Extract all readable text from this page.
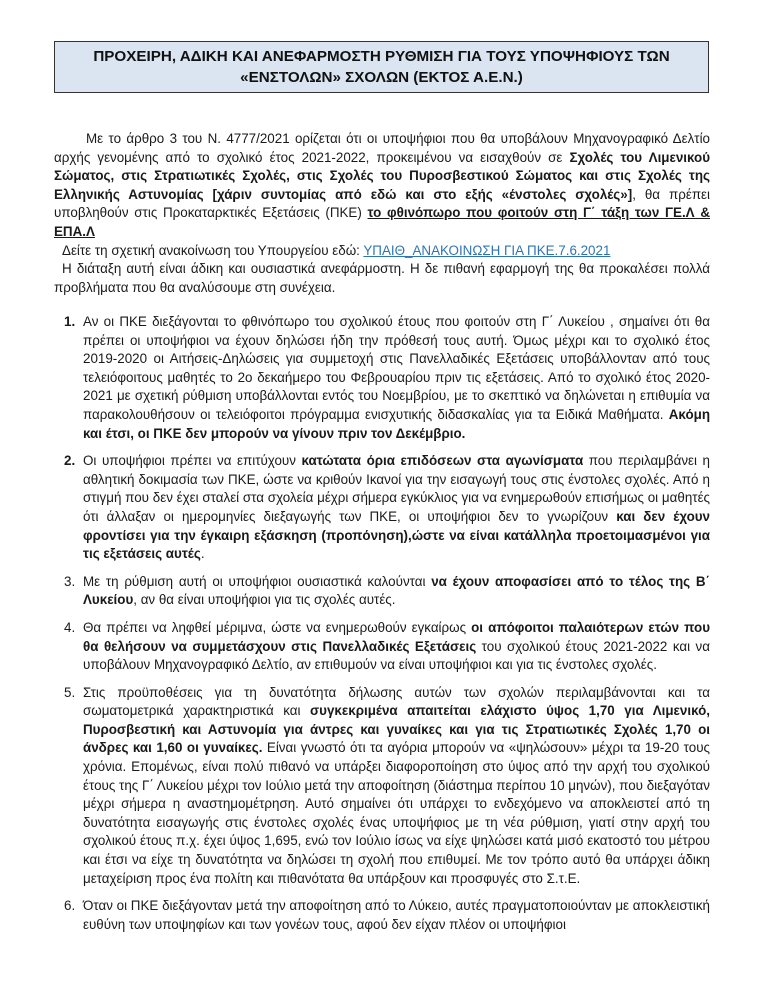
ΠΡΟΧΕΙΡΗ, ΑΔΙΚΗ ΚΑΙ ΑΝΕΦΑΡΜΟΣΤΗ ΡΥΘΜΙΣΗ ΓΙΑ ΤΟΥΣ ΥΠΟΨΗΦΙΟΥΣ ΤΩΝ
«ΕΝΣΤΟΛΩΝ» ΣΧΟΛΩΝ (ΕΚΤΟΣ Α.Ε.Ν.)

Με το άρθρο 3 του Ν. 4777/2021 ορίζεται ότι οι υποψήφιοι που θα υποβάλουν Μηχανογραφικό Δελτίο αρχής γενομένης από το σχολικό έτος 2021-2022, προκειμένου να εισαχθούν σε Σχολές του Λιμενικού Σώματος, στις Στρατιωτικές Σχολές, στις Σχολές του Πυροσβεστικού Σώματος και στις Σχολές της Ελληνικής Αστυνομίας [χάριν συντομίας από εδώ και στο εξής «ένστολες σχολές»], θα πρέπει υποβληθούν στις Προκαταρκτικές Εξετάσεις (ΠΚΕ) το φθινόπωρο που φοιτούν στη Γ΄ τάξη των ΓΕ.Λ & ΕΠΑ.Λ

Δείτε τη σχετική ανακοίνωση του Υπουργείου εδώ: ΥΠΑΙΘ_ΑΝΑΚΟΙΝΩΣΗ ΓΙΑ ΠΚΕ.7.6.2021

Η διάταξη αυτή είναι άδικη και ουσιαστικά ανεφάρμοστη. Η δε πιθανή εφαρμογή της θα προκαλέσει πολλά προβλήματα που θα αναλύσουμε στη συνέχεια.

1. Αν οι ΠΚΕ διεξάγονται το φθινόπωρο του σχολικού έτους που φοιτούν στη Γ΄ Λυκείου , σημαίνει ότι θα πρέπει οι υποψήφιοι να έχουν δηλώσει ήδη την πρόθεσή τους αυτή. Όμως μέχρι και το σχολικό έτος 2019-2020 οι Αιτήσεις-Δηλώσεις για συμμετοχή στις Πανελλαδικές Εξετάσεις υποβάλλονταν από τους τελειόφοιτους μαθητές το 2ο δεκαήμερο του Φεβρουαρίου πριν τις εξετάσεις. Από το σχολικό έτος 2020-2021 με σχετική ρύθμιση υποβάλλονται εντός του Νοεμβρίου, με το σκεπτικό να δηλώνεται η επιθυμία να παρακολουθήσουν οι τελειόφοιτοι πρόγραμμα ενισχυτικής διδασκαλίας για τα Ειδικά Μαθήματα. Ακόμη και έτσι, οι ΠΚΕ δεν μπορούν να γίνουν πριν τον Δεκέμβριο.
2. Οι υποψήφιοι πρέπει να επιτύχουν κατώτατα όρια επιδόσεων στα αγωνίσματα που περιλαμβάνει η αθλητική δοκιμασία των ΠΚΕ, ώστε να κριθούν Ικανοί για την εισαγωγή τους στις ένστολες σχολές. Από η στιγμή που δεν έχει σταλεί στα σχολεία μέχρι σήμερα εγκύκλιος για να ενημερωθούν επισήμως οι μαθητές ότι άλλαξαν οι ημερομηνίες διεξαγωγής των ΠΚΕ, οι υποψήφιοι δεν το γνωρίζουν και δεν έχουν φροντίσει για την έγκαιρη εξάσκηση (προπόνηση),ώστε να είναι κατάλληλα προετοιμασμένοι για τις εξετάσεις αυτές.
3. Με τη ρύθμιση αυτή οι υποψήφιοι ουσιαστικά καλούνται να έχουν αποφασίσει από το τέλος της Β΄ Λυκείου, αν θα είναι υποψήφιοι για τις σχολές αυτές.
4. Θα πρέπει να ληφθεί μέριμνα, ώστε να ενημερωθούν εγκαίρως οι απόφοιτοι παλαιότερων ετών που θα θελήσουν να συμμετάσχουν στις Πανελλαδικές Εξετάσεις του σχολικού έτους 2021-2022 και να υποβάλουν Μηχανογραφικό Δελτίο, αν επιθυμούν να είναι υποψήφιοι και για τις ένστολες σχολές.
5. Στις προϋποθέσεις για τη δυνατότητα δήλωσης αυτών των σχολών περιλαμβάνονται και τα σωματομετρικά χαρακτηριστικά και συγκεκριμένα απαιτείται ελάχιστο ύψος 1,70 για Λιμενικό, Πυροσβεστική και Αστυνομία για άντρες και γυναίκες και για τις Στρατιωτικές Σχολές 1,70 οι άνδρες και 1,60 οι γυναίκες. Είναι γνωστό ότι τα αγόρια μπορούν να «ψηλώσουν» μέχρι τα 19-20 τους χρόνια. Επομένως, είναι πολύ πιθανό να υπάρξει διαφοροποίηση στο ύψος από την αρχή του σχολικού έτους της Γ΄ Λυκείου μέχρι τον Ιούλιο μετά την αποφοίτηση (διάστημα περίπου 10 μηνών), που διεξαγόταν μέχρι σήμερα η αναστημομέτρηση. Αυτό σημαίνει ότι υπάρχει το ενδεχόμενο να αποκλειστεί από τη δυνατότητα εισαγωγής στις ένστολες σχολές ένας υποψήφιος με τη νέα ρύθμιση, γιατί στην αρχή του σχολικού έτους π.χ. έχει ύψος 1,695, ενώ τον Ιούλιο ίσως να είχε ψηλώσει κατά μισό εκατοστό του μέτρου και έτσι να είχε τη δυνατότητα να δηλώσει τη σχολή που επιθυμεί. Με τον τρόπο αυτό θα υπάρχει άδικη μεταχείριση προς ένα πολίτη και πιθανότατα θα υπάρξουν και προσφυγές στο Σ.τ.Ε.
6. Όταν οι ΠΚΕ διεξάγονταν μετά την αποφοίτηση από το Λύκειο, αυτές πραγματοποιούνταν με αποκλειστική ευθύνη των υποψηφίων και των γονέων τους, αφού δεν είχαν πλέον οι υποψήφιοι
